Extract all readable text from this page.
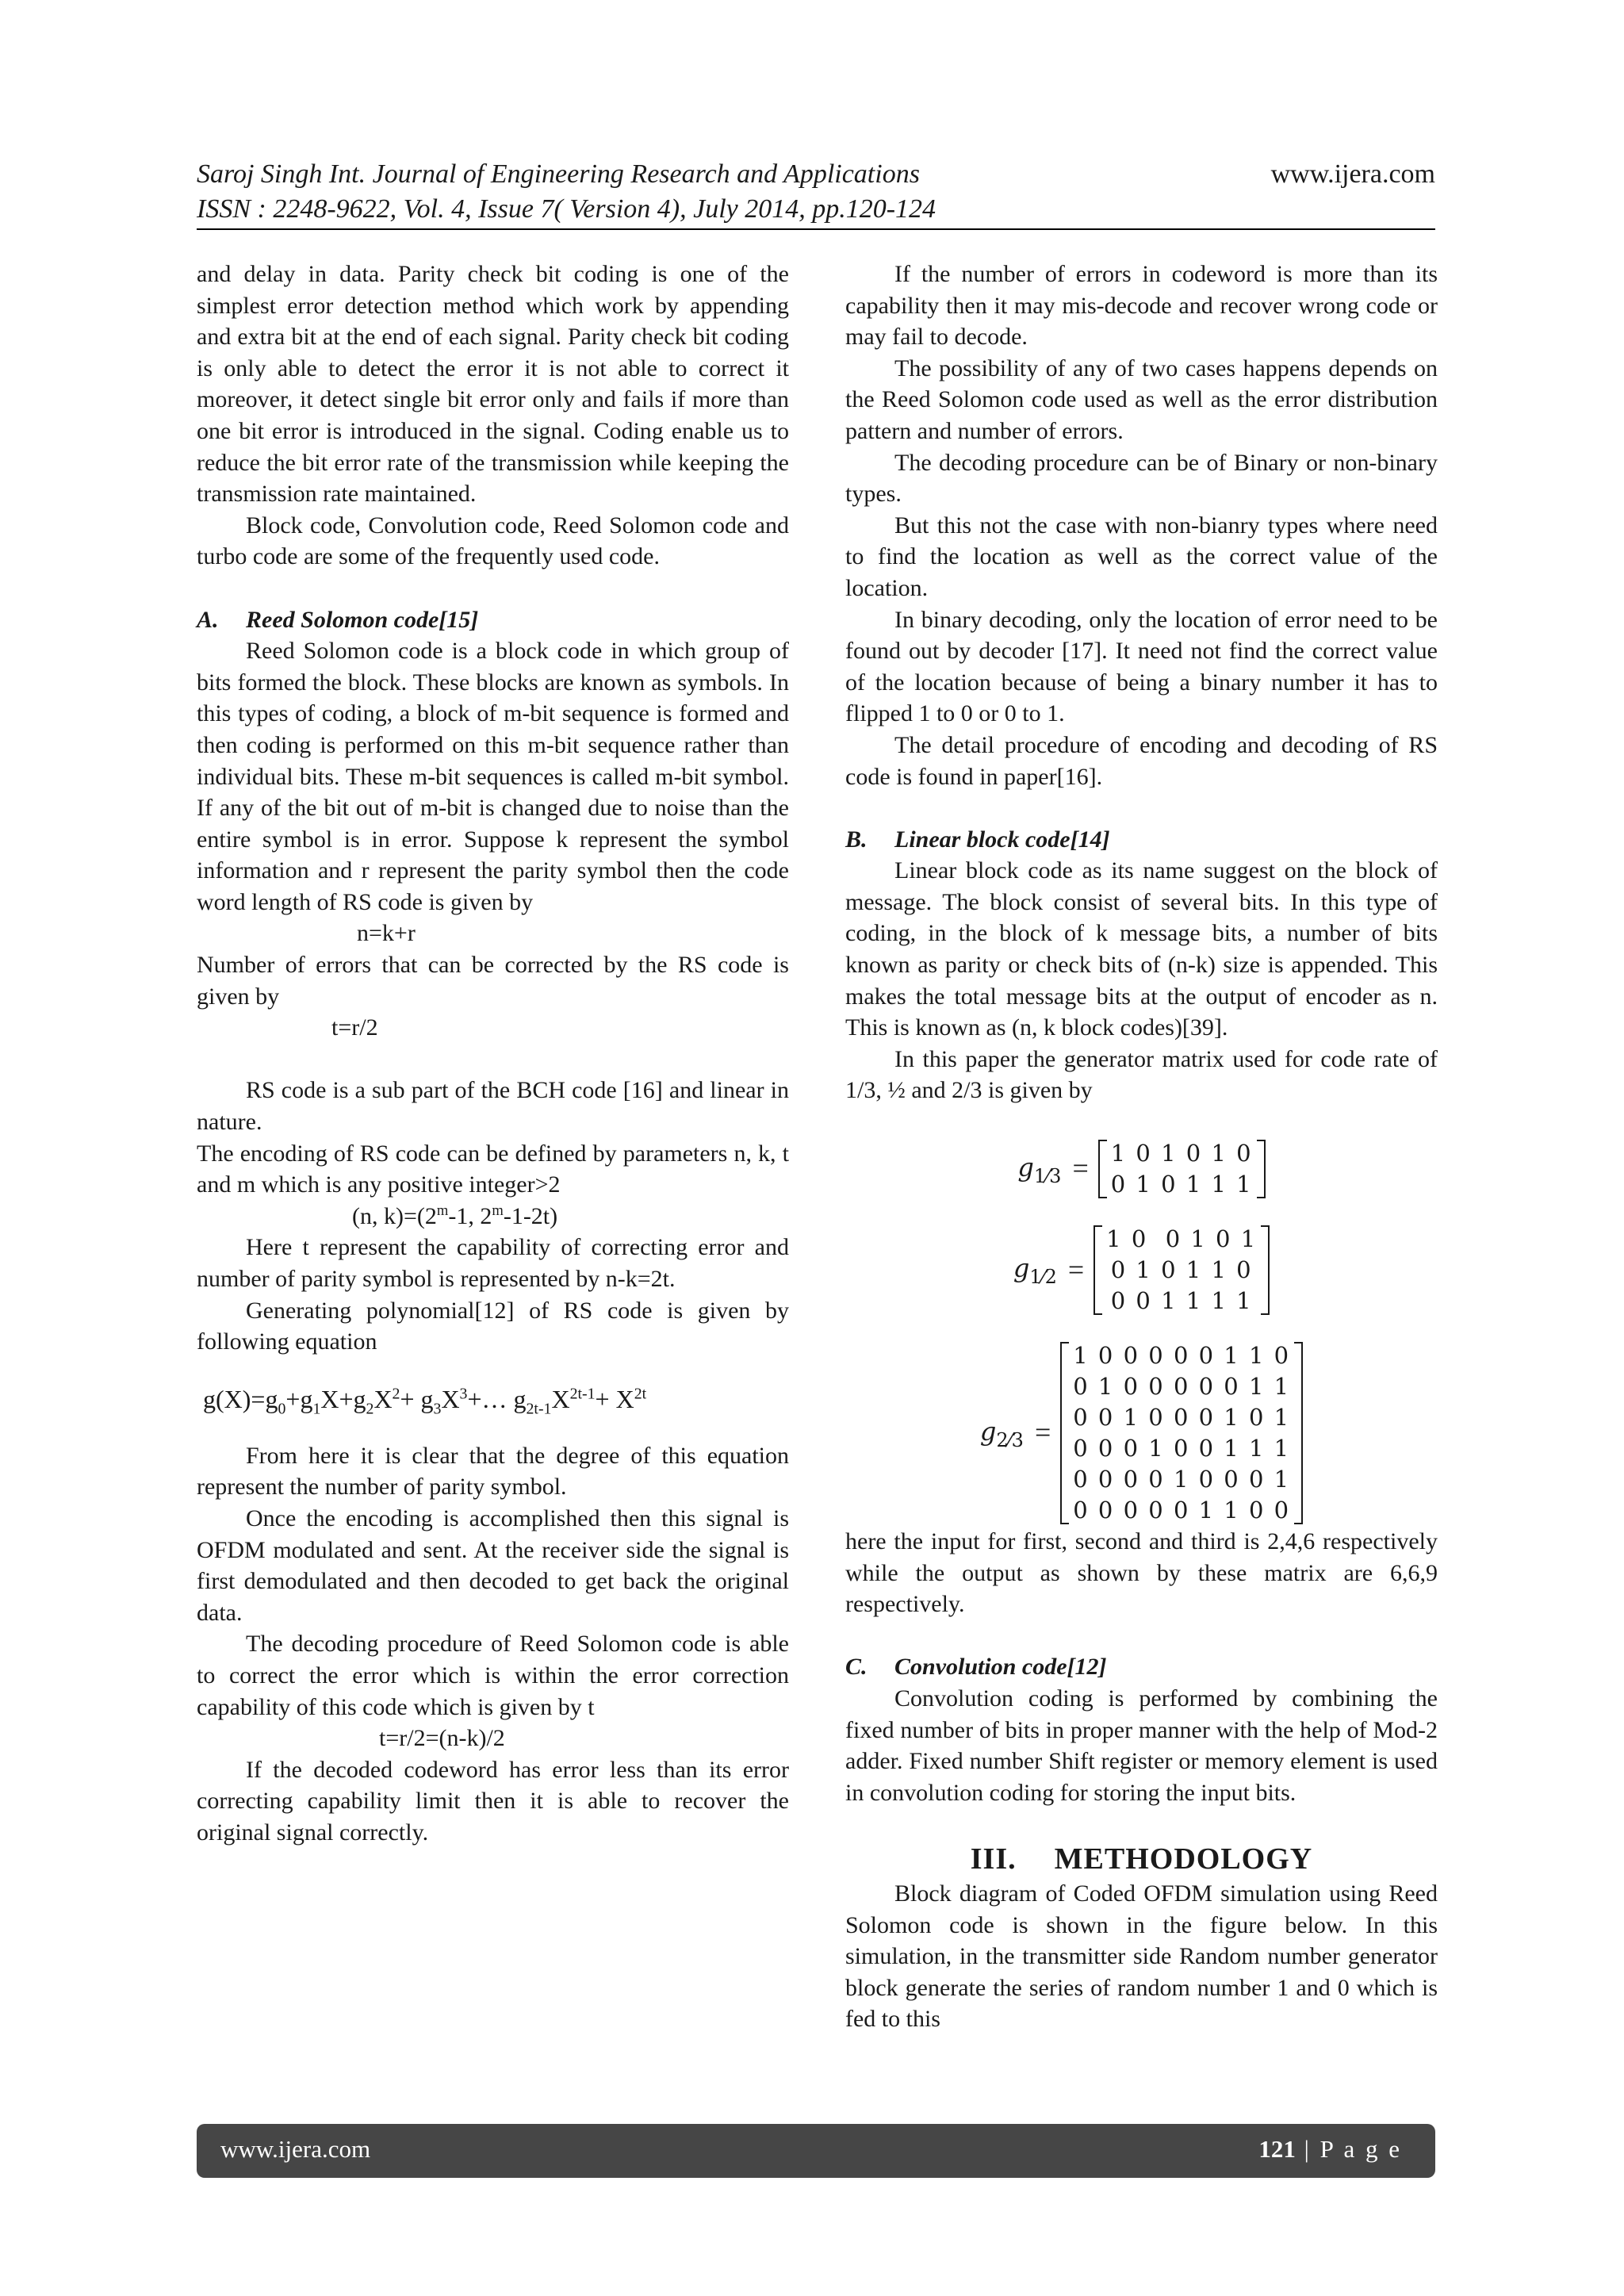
Saroj Singh Int. Journal of Engineering Research and Applications	www.ijera.com
ISSN : 2248-9622, Vol. 4, Issue 7( Version 4), July 2014, pp.120-124

and delay in data. Parity check bit coding is one of the simplest error detection method which work by appending and extra bit at the end of each signal. Parity check bit coding is only able to detect the error it is not able to correct it moreover, it detect single bit error only and fails if more than one bit error is introduced in the signal. Coding enable us to reduce the bit error rate of the transmission while keeping the transmission rate maintained.

Block code, Convolution code, Reed Solomon code and turbo code are some of the frequently used code.

A. Reed Solomon code[15]

Reed Solomon code is a block code in which group of bits formed the block. These blocks are known as symbols. In this types of coding, a block of m-bit sequence is formed and then coding is performed on this m-bit sequence rather than individual bits. These m-bit sequences is called m-bit symbol. If any of the bit out of m-bit is changed due to noise than the entire symbol is in error. Suppose k represent the symbol information and r represent the parity symbol then the code word length of RS code is given by

n=k+r

Number of errors that can be corrected by the RS code is given by

t=r/2

RS code is a sub part of the BCH code [16] and linear in nature.

The encoding of RS code can be defined by parameters n, k, t and m which is any positive integer>2

(n, $k)=(2^m-1$, 2$^m$-1-2t)

Here t represent the capability of correcting error and number of parity symbol is represented by n-k=2t.

Generating polynomial[12] of RS code is given by following equation

$g(X)=g_0+g_1X+g_2X^2+$ $g_3X^3+\dots$ $g_{2t-1}X^{2t-1}+ X^{2t}$

From here it is clear that the degree of this equation represent the number of parity symbol.

Once the encoding is accomplished then this signal is OFDM modulated and sent. At the receiver side the signal is first demodulated and then decoded to get back the original data.

The decoding procedure of Reed Solomon code is able to correct the error which is within the error correction capability of this code which is given by t

t=r/2=(n-k)/2

If the decoded codeword has error less than its error correcting capability limit then it is able to recover the original signal correctly.

If the number of errors in codeword is more than its capability then it may mis-decode and recover wrong code or may fail to decode.

The possibility of any of two cases happens depends on the Reed Solomon code used as well as the error distribution pattern and number of errors.

The decoding procedure can be of Binary or non-binary types.

But this not the case with non-bianry types where need to find the location as well as the correct value of the location.

In binary decoding, only the location of error need to be found out by decoder [17]. It need not find the correct value of the location because of being a binary number it has to flipped 1 to 0 or 0 to 1.

The detail procedure of encoding and decoding of RS code is found in paper[16].

B. Linear block code[14]

Linear block code as its name suggest on the block of message. The block consist of several bits. In this type of coding, in the block of k message bits, a number of bits known as parity or check bits of (n-k) size is appended. This makes the total message bits at the output of encoder as n. This is known as (n, k block codes)[39].

In this paper the generator matrix used for code rate of 1/3, ½ and 2/3 is given by

$g_{1⁄3} = 1$ 0 1 0 1 0
0 1 0 1 1 1
$g_{1⁄2}$ =
1 0  0 1 0 1
0 1 0 1 1 0
0 0 1 1 1 1
$g_{2⁄3}$ =
1 0 0 0 0 0 1 1 0
0 1 0 0 0 0 0 1 1
0 0 1 0 0 0 1 0 1
0 0 0 1 0 0 1 1 1
0 0 0 0 1 0 0 0 1
0 0 0 0 0 1 1 0 0

here the input for first, second and third is 2,4,6 respectively while the output as shown by these matrix are 6,6,9 respectively.

C. Convolution code[12]

Convolution coding is performed by combining the fixed number of bits in proper manner with the help of Mod-2 adder. Fixed number Shift register or memory element is used in convolution coding for storing the input bits.

III. METHODOLOGY

Block diagram of Coded OFDM simulation using Reed Solomon code is shown in the figure below. In this simulation, in the transmitter side Random number generator block generate the series of random number 1 and 0 which is fed to this

www.ijera.com	121 | P a g e
